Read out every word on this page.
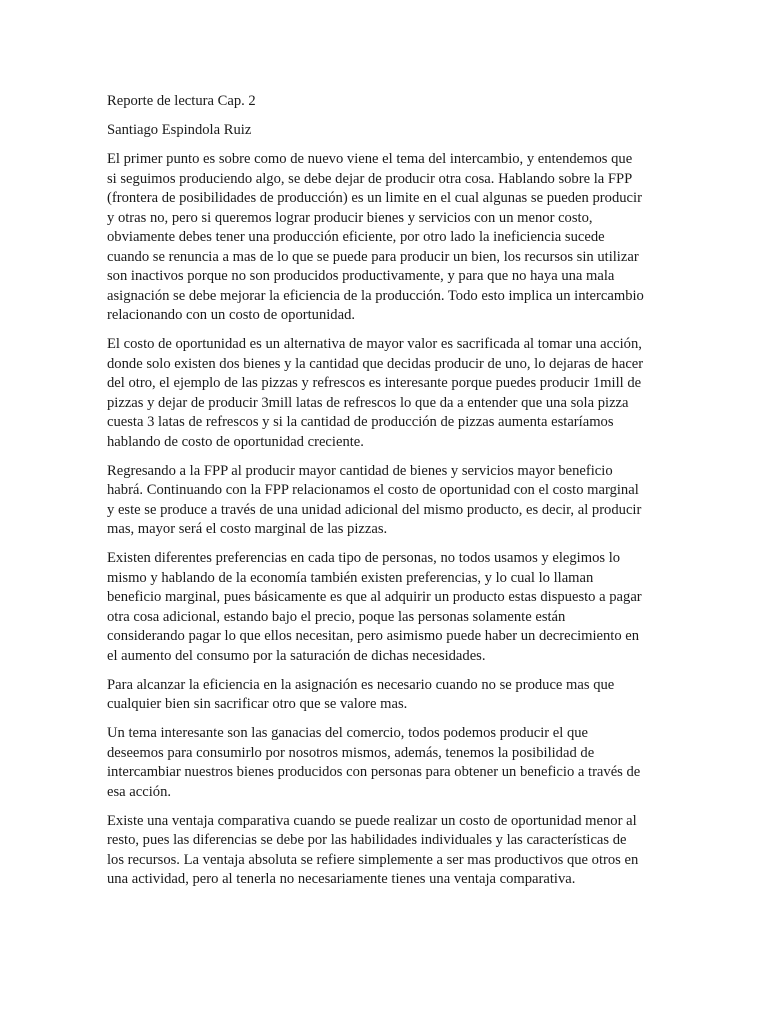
Reporte de lectura Cap. 2

Santiago Espindola Ruiz

El primer punto es sobre como de nuevo viene el tema del intercambio, y entendemos que

si seguimos produciendo algo, se debe dejar de producir otra cosa. Hablando sobre la FPP

(frontera de posibilidades de producción) es un limite en el cual algunas se pueden producir

y otras no, pero si queremos lograr producir bienes y servicios con un menor costo,

obviamente debes tener una producción eficiente, por otro lado la ineficiencia sucede

cuando se renuncia a mas de lo que se puede para producir un bien, los recursos sin utilizar

son inactivos porque no son producidos productivamente, y para que no haya una mala

asignación se debe mejorar la eficiencia de la producción. Todo esto implica un intercambio

relacionando con un costo de oportunidad.

El costo de oportunidad es un alternativa de mayor valor es sacrificada al tomar una acción,

donde solo existen dos bienes y la cantidad que decidas producir de uno, lo dejaras de hacer

del otro, el ejemplo de las pizzas y refrescos es interesante porque puedes producir 1mill de

pizzas y dejar de producir 3mill latas de refrescos lo que da a entender que una sola pizza

cuesta 3 latas de refrescos y si la cantidad de producción de pizzas aumenta estaríamos

hablando de costo de oportunidad creciente.

Regresando a la FPP al producir mayor cantidad de bienes y servicios mayor beneficio

habrá. Continuando con la FPP relacionamos el costo de oportunidad con el costo marginal

y este se produce a través de una unidad adicional del mismo producto, es decir, al producir

mas, mayor será el costo marginal de las pizzas.

Existen diferentes preferencias en cada tipo de personas, no todos usamos y elegimos lo

mismo y hablando de la economía también existen preferencias, y lo cual lo llaman

beneficio marginal, pues básicamente es que al adquirir un producto estas dispuesto a pagar

otra cosa adicional, estando bajo el precio, poque las personas solamente están

considerando pagar lo que ellos necesitan, pero asimismo puede haber un decrecimiento en

el aumento del consumo por la saturación de dichas necesidades.

Para alcanzar la eficiencia en la asignación es necesario cuando no se produce mas que

cualquier bien sin sacrificar otro que se valore mas.

Un tema interesante son las ganacias del comercio, todos podemos producir el que

deseemos para consumirlo por nosotros mismos, además, tenemos la posibilidad de

intercambiar nuestros bienes producidos con personas para obtener un beneficio a través de

esa acción.

Existe una ventaja comparativa cuando se puede realizar un costo de oportunidad menor al

resto, pues las diferencias se debe por las habilidades individuales y las características de

los recursos. La ventaja absoluta se refiere simplemente a ser mas productivos que otros en

una actividad, pero al tenerla no necesariamente tienes una ventaja comparativa.
